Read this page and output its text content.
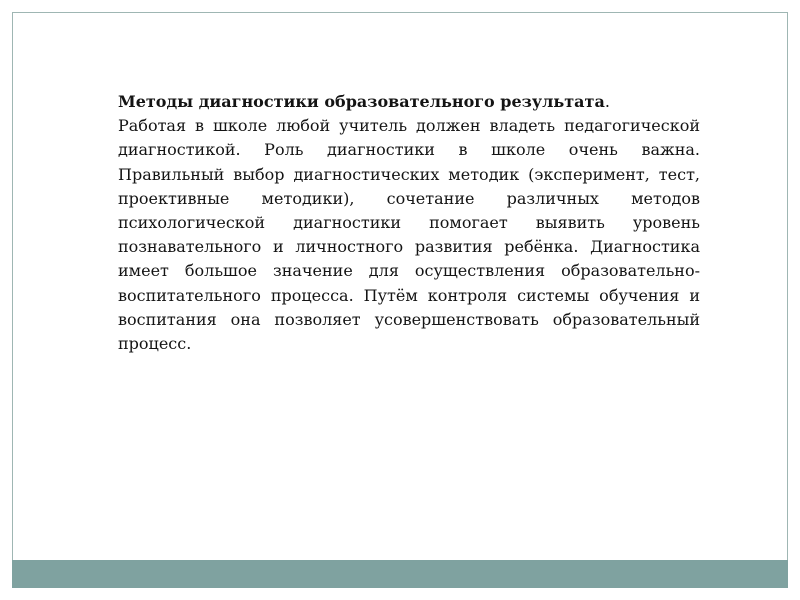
Методы диагностики образовательного результата.
Работая в школе любой учитель должен владеть педагогической диагностикой. Роль диагностики в школе очень важна. Правильный выбор диагностических методик (эксперимент, тест, проективные методики), сочетание различных методов психологической диагностики помогает выявить уровень познавательного и личностного развития ребёнка. Диагностика имеет большое значение для осуществления образовательно-воспитательного процесса. Путём контроля системы обучения и воспитания она позволяет усовершенствовать образовательный процесс.
